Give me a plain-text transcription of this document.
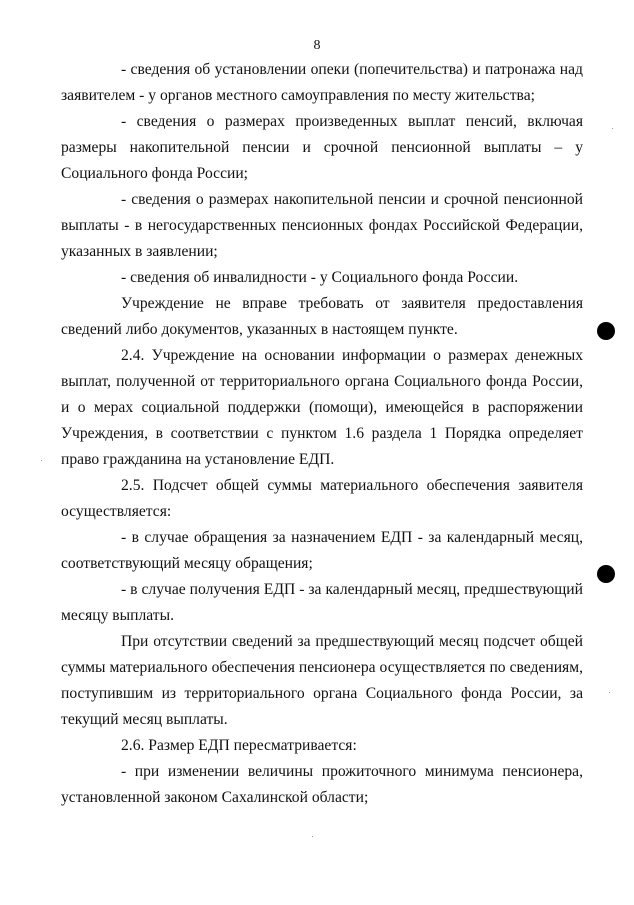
8

- сведения об установлении опеки (попечительства) и патронажа над заявителем - у органов местного самоуправления по месту жительства;

- сведения о размерах произведенных выплат пенсий, включая размеры накопительной пенсии и срочной пенсионной выплаты – у Социального фонда России;

- сведения о размерах накопительной пенсии и срочной пенсионной выплаты - в негосударственных пенсионных фондах Российской Федерации, указанных в заявлении;

- сведения об инвалидности - у Социального фонда России.

Учреждение не вправе требовать от заявителя предоставления сведений либо документов, указанных в настоящем пункте.

2.4. Учреждение на основании информации о размерах денежных выплат, полученной от территориального органа Социального фонда России, и о мерах социальной поддержки (помощи), имеющейся в распоряжении Учреждения, в соответствии с пунктом 1.6 раздела 1 Порядка определяет право гражданина на установление ЕДП.

2.5. Подсчет общей суммы материального обеспечения заявителя осуществляется:

- в случае обращения за назначением ЕДП - за календарный месяц, соответствующий месяцу обращения;

- в случае получения ЕДП - за календарный месяц, предшествующий месяцу выплаты.

При отсутствии сведений за предшествующий месяц подсчет общей суммы материального обеспечения пенсионера осуществляется по сведениям, поступившим из территориального органа Социального фонда России, за текущий месяц выплаты.

2.6. Размер ЕДП пересматривается:

- при изменении величины прожиточного минимума пенсионера, установленной законом Сахалинской области;
